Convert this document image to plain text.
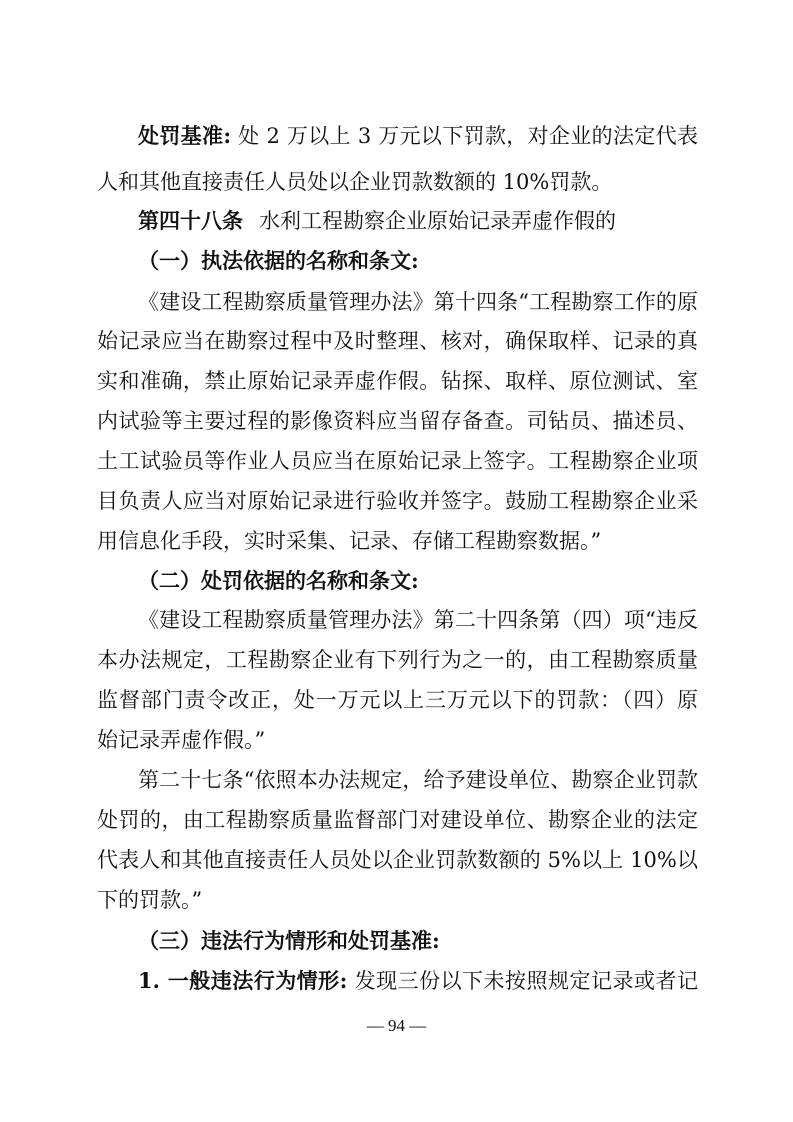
处罚基准: 处 2 万以上 3 万元以下罚款，对企业的法定代表
人和其他直接责任人员处以企业罚款数额的 10%罚款。
第四十八条 水利工程勘察企业原始记录弄虚作假的
（一）执法依据的名称和条文:
《建设工程勘察质量管理办法》第十四条“工程勘察工作的原
始记录应当在勘察过程中及时整理、核对，确保取样、记录的真
实和准确，禁止原始记录弄虚作假。钻探、取样、原位测试、室
内试验等主要过程的影像资料应当留存备查。司钻员、描述员、
土工试验员等作业人员应当在原始记录上签字。工程勘察企业项
目负责人应当对原始记录进行验收并签字。鼓励工程勘察企业采
用信息化手段，实时采集、记录、存储工程勘察数据。”
（二）处罚依据的名称和条文:
《建设工程勘察质量管理办法》第二十四条第（四）项“违反
本办法规定，工程勘察企业有下列行为之一的，由工程勘察质量
监督部门责令改正，处一万元以上三万元以下的罚款：（四）原
始记录弄虚作假。”
第二十七条“依照本办法规定，给予建设单位、勘察企业罚款
处罚的，由工程勘察质量监督部门对建设单位、勘察企业的法定
代表人和其他直接责任人员处以企业罚款数额的 5%以上 10%以
下的罚款。”
（三）违法行为情形和处罚基准:
1. 一般违法行为情形: 发现三份以下未按照规定记录或者记
— 94 —
